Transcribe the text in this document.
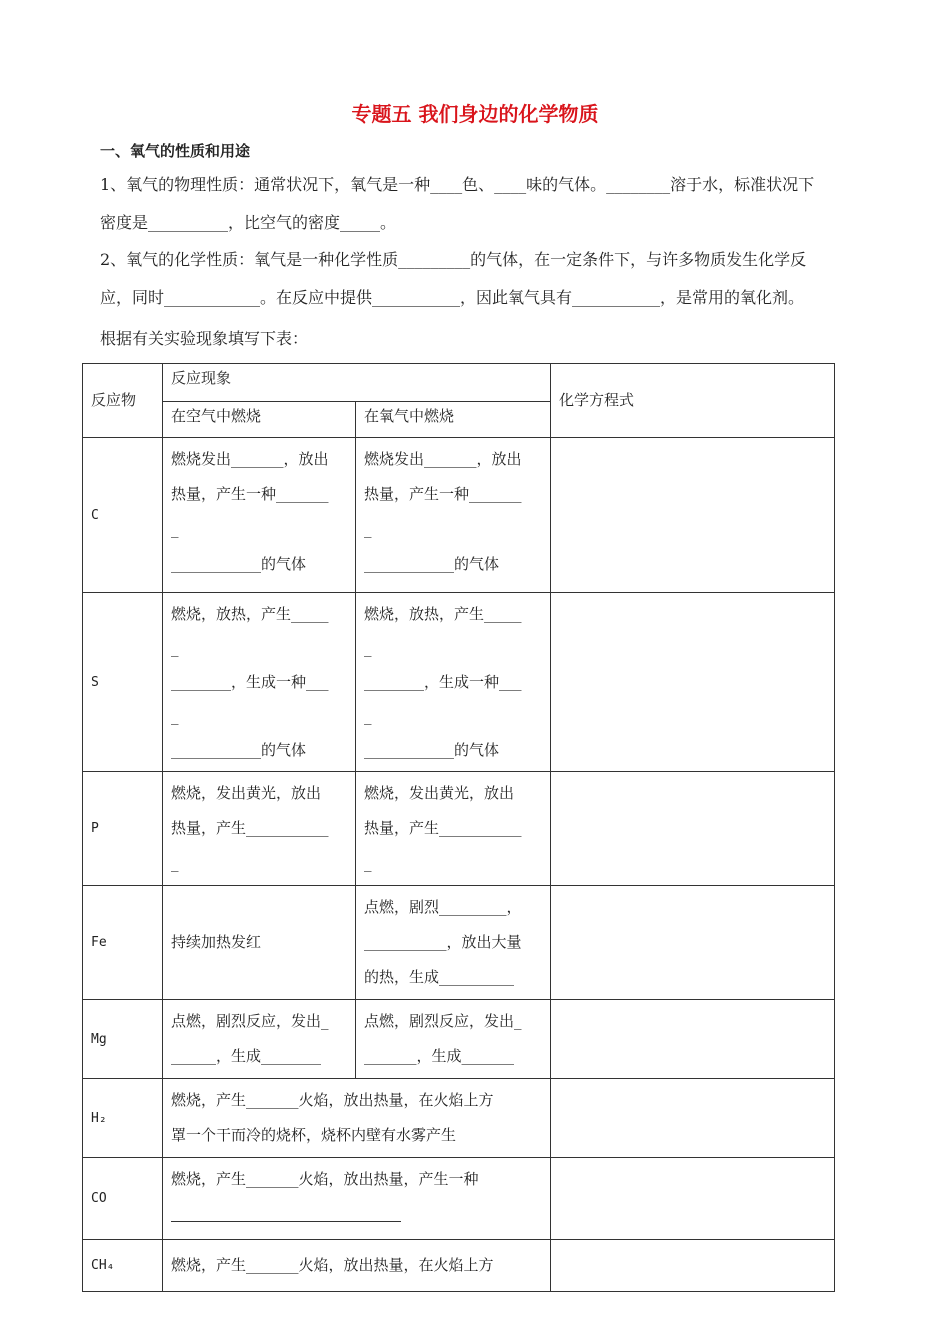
专题五 我们身边的化学物质
一、氧气的性质和用途
1、氧气的物理性质：通常状况下，氧气是一种____色、____味的气体。________溶于水，标准状况下
密度是__________，比空气的密度_____。
2、氧气的化学性质：氧气是一种化学性质_________的气体，在一定条件下，与许多物质发生化学反
应，同时____________。在反应中提供___________，因此氧气具有___________，是常用的氧化剂。
根据有关实验现象填写下表：
反应物	反应现象		化学方程式
	在空气中燃烧	在氧气中燃烧	
C	燃烧发出_______，放出
热量，产生一种_______
_
____________的气体	燃烧发出_______，放出
热量，产生一种_______
_
____________的气体	

S	燃烧，放热，产生_____
_
________，生成一种___
_
____________的气体	燃烧，放热，产生_____
_
________，生成一种___
_
____________的气体	

P	燃烧，发出黄光，放出
热量，产生___________
_	燃烧，发出黄光，放出
热量，产生___________
_	

Fe	持续加热发红	点燃，剧烈_________，
___________，放出大量
的热，生成__________	

Mg	点燃，剧烈反应，发出_
______，生成________	点燃，剧烈反应，发出_
_______，生成_______	

H₂	燃烧，产生_______火焰，放出热量，在火焰上方
罩一个干而冷的烧杯，烧杯内壁有水雾产生		

CO	燃烧，产生_______火焰，放出热量，产生一种		

CH₄	燃烧，产生_______火焰，放出热量，在火焰上方		
